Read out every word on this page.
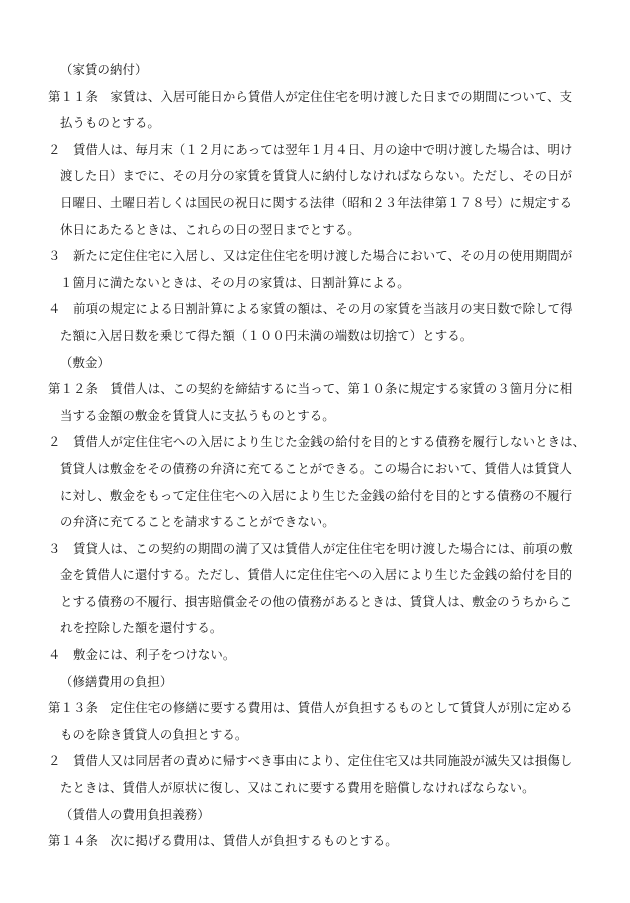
（家賃の納付）
第１１条　家賃は、入居可能日から賃借人が定住住宅を明け渡した日までの期間について、支
払うものとする。
２　賃借人は、毎月末（１２月にあっては翌年１月４日、月の途中で明け渡した場合は、明け
渡した日）までに、その月分の家賃を賃貸人に納付しなければならない。ただし、その日が
日曜日、土曜日若しくは国民の祝日に関する法律（昭和２３年法律第１７８号）に規定する
休日にあたるときは、これらの日の翌日までとする。
３　新たに定住住宅に入居し、又は定住住宅を明け渡した場合において、その月の使用期間が
１箇月に満たないときは、その月の家賃は、日割計算による。
４　前項の規定による日割計算による家賃の額は、その月の家賃を当該月の実日数で除して得
た額に入居日数を乗じて得た額（１００円未満の端数は切捨て）とする。
（敷金）
第１２条　賃借人は、この契約を締結するに当って、第１０条に規定する家賃の３箇月分に相
当する金額の敷金を賃貸人に支払うものとする。
２　賃借人が定住住宅への入居により生じた金銭の給付を目的とする債務を履行しないときは、
賃貸人は敷金をその債務の弁済に充てることができる。この場合において、賃借人は賃貸人
に対し、敷金をもって定住住宅への入居により生じた金銭の給付を目的とする債務の不履行
の弁済に充てることを請求することができない。
３　賃貸人は、この契約の期間の満了又は賃借人が定住住宅を明け渡した場合には、前項の敷
金を賃借人に還付する。ただし、賃借人に定住住宅への入居により生じた金銭の給付を目的
とする債務の不履行、損害賠償金その他の債務があるときは、賃貸人は、敷金のうちからこ
れを控除した額を還付する。
４　敷金には、利子をつけない。
（修繕費用の負担）
第１３条　定住住宅の修繕に要する費用は、賃借人が負担するものとして賃貸人が別に定める
ものを除き賃貸人の負担とする。
２　賃借人又は同居者の責めに帰すべき事由により、定住住宅又は共同施設が滅失又は損傷し
たときは、賃借人が原状に復し、又はこれに要する費用を賠償しなければならない。
（賃借人の費用負担義務）
第１４条　次に掲げる費用は、賃借人が負担するものとする。
